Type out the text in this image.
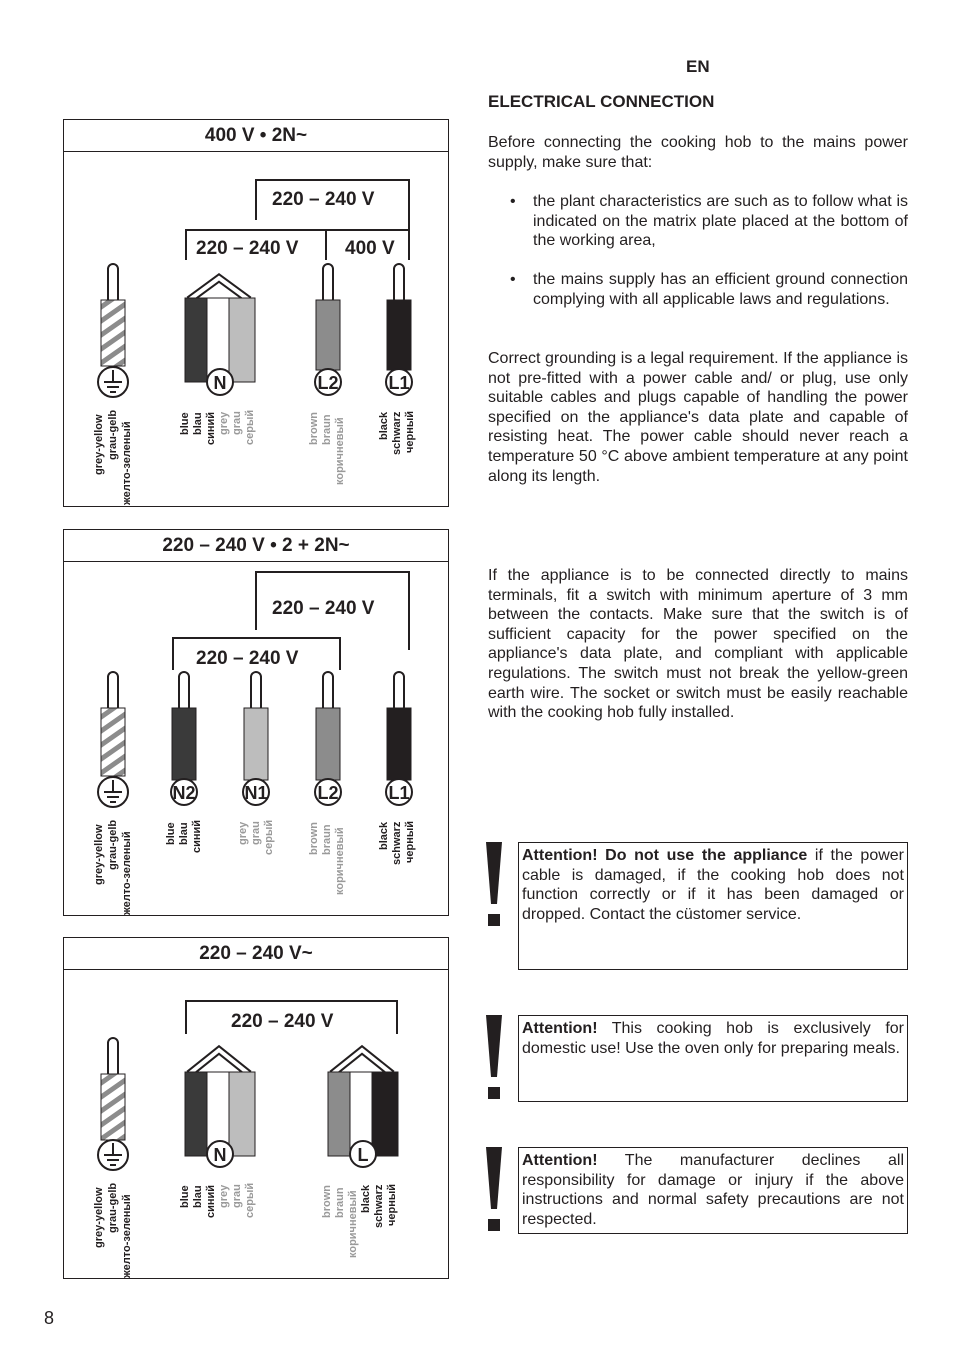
EN
ELECTRICAL CONNECTION

Before connecting the cooking hob to the mains power supply, make sure that:

• the plant characteristics are such as to follow what is indicated on the matrix plate placed at the bottom of the working area,
• the mains supply has an efficient ground connection complying with all applicable laws and regulations.

Correct grounding is a legal requirement. If the appliance is not pre-fitted with a power cable and/ or plug, use only suitable cables and plugs capable of handling the power specified on the appliance's data plate and capable of resisting heat. The power cable should never reach a temperature 50 °C above ambient temperature at any point along its length.

If the appliance is to be connected directly to mains terminals, fit a switch with minimum aperture of 3 mm between the contacts. Make sure that the switch is of sufficient capacity for the power specified on the appliance's data plate, and compliant with applicable regulations. The switch must not break the yellow-green earth wire. The socket or switch must be easily reachable with the cooking hob fully installed.

Attention! Do not use the appliance if the power cable is damaged, if the cooking hob does not function correctly or if it has been damaged or dropped. Contact the cüstomer service.
Attention! This cooking hob is exclusively for domestic use! Use the oven only for preparing meals.
Attention! The manufacturer declines all responsibility for damage or injury if the above instructions and normal safety precautions are not respected.
8
400 V • 2N~
220 – 240 V
220 – 240 V 400 V
N	L2	L1
grey-yellow grau-gelb желто-зеленый	blue blau синий grey grau серый	brown braun коричневый	black schwarz черный
220 – 240 V • 2 + 2N~
220 – 240 V
220 – 240 V
N2	N1	L2	L1
grey-yellow grau-gelb желто-зеленый	blue blau синий	grey grau серый	brown braun коричневый	black schwarz черный
220 – 240 V~
220 – 240 V
N	L
grey-yellow grau-gelb желто-зеленый	blue blau синий grey grau серый	brown braun коричневый black schwarz черный
